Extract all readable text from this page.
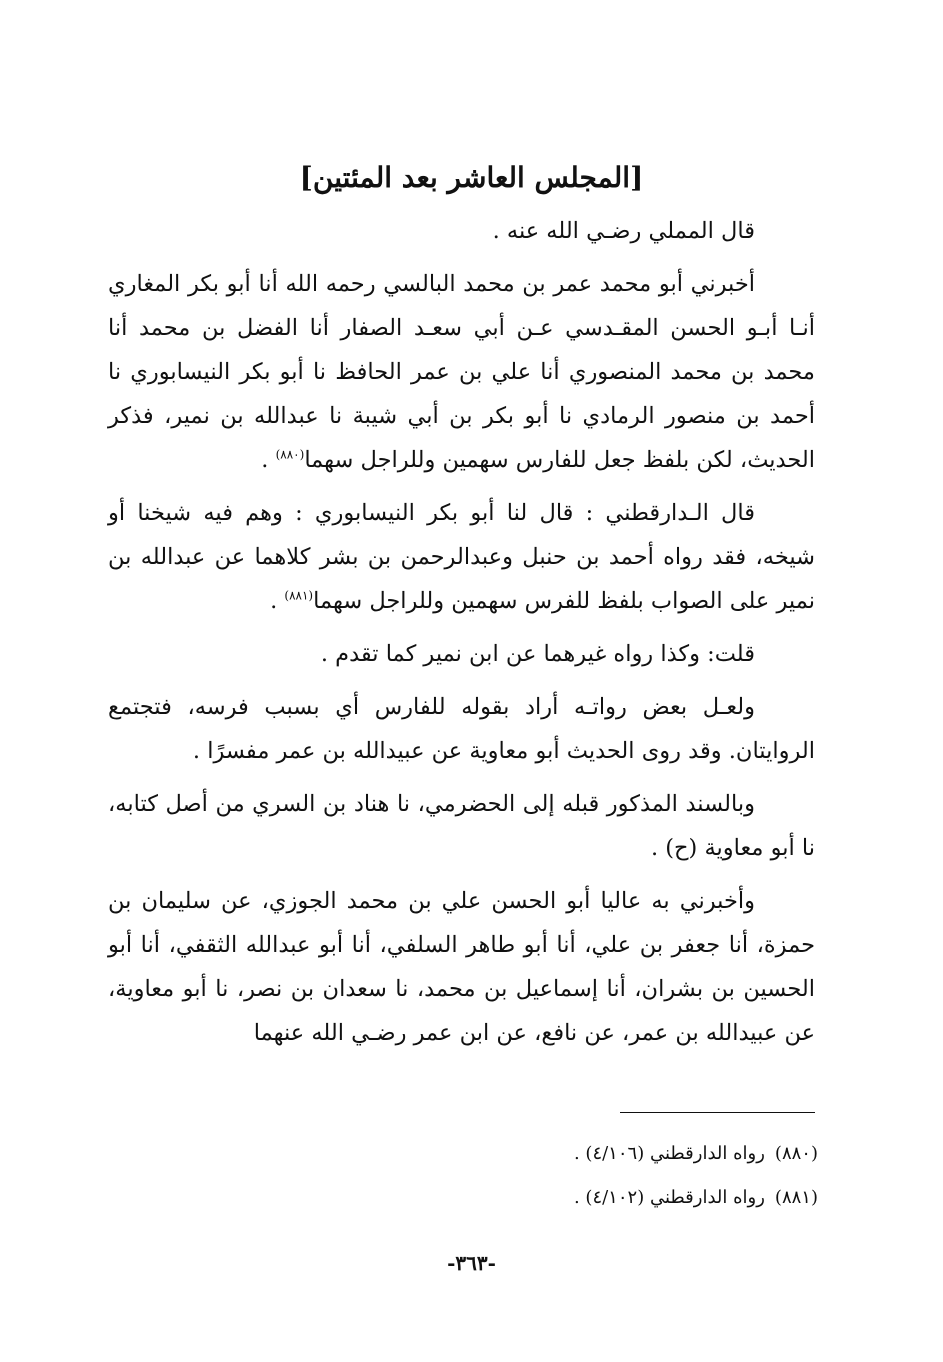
[المجلس العاشر بعد المئتين]

قال المملي رضـي الله عنه .

أخبرني أبو محمد عمر بن محمد البالسي رحمه الله أنا أبو بكر المغاري أنـا أبـو الحسن المقـدسي عـن أبي سعـد الصفار أنا الفضل بن محمد أنا محمد بن محمد المنصوري أنا علي بن عمر الحافظ نا أبو بكر النيسابوري نا أحمد بن منصور الرمادي نا أبو بكر بن أبي شيبة نا عبدالله بن نمير، فذكر الحديث، لكن بلفظ جعل للفارس سهمين وللراجل سهما$^{(٨٨٠)}$ .

قال الـدارقطني : قال لنا أبو بكر النيسابوري : وهم فيه شيخنا أو شيخه، فقد رواه أحمد بن حنبل وعبدالرحمن بن بشر كلاهما عن عبدالله بن نمير على الصواب بلفظ للفرس سهمين وللراجل سهما$^{(٨٨١)}$ .

قلت: وكذا رواه غيرهما عن ابن نمير كما تقدم .

ولعـل بعض رواتـه أراد بقوله للفارس أي بسبب فرسه، فتجتمع الروايتان. وقد روى الحديث أبو معاوية عن عبيدالله بن عمر مفسرًا .

وبالسند المذكور قبله إلى الحضرمي، نا هناد بن السري من أصل كتابه، نا أبو معاوية (ح) .

وأخبرني به عاليا أبو الحسن علي بن محمد الجوزي، عن سليمان بن حمزة، أنا جعفر بن علي، أنا أبو طاهر السلفي، أنا أبو عبدالله الثقفي، أنا أبو الحسين بن بشران، أنا إسماعيل بن محمد، نا سعدان بن نصر، نا أبو معاوية، عن عبيدالله بن عمر، عن نافع، عن ابن عمر رضـي الله عنهما

(٨٨٠)رواه الدارقطني (٤/١٠٦) .

(٨٨١)رواه الدارقطني (٤/١٠٢) .

-٣٦٣-
